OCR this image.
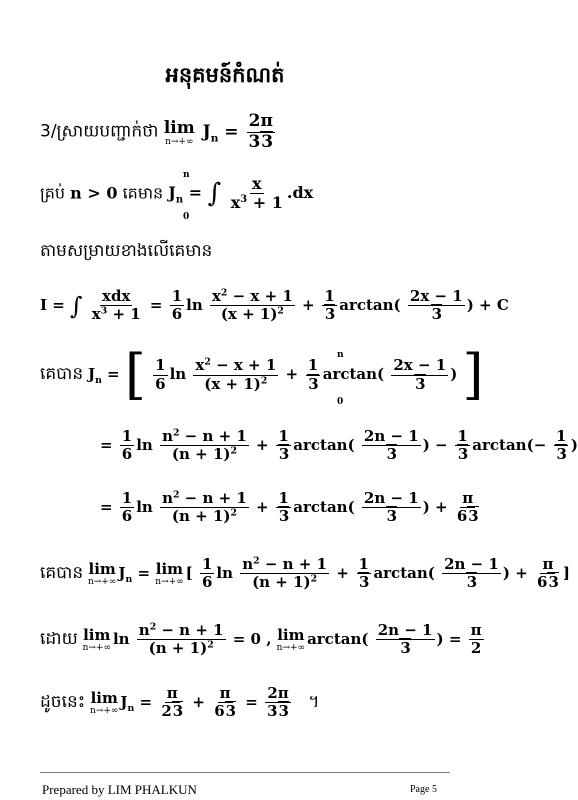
អនុគមន៍កំណត់
3/ស្រាយបញ្ជាក់ថា lim
n→+∞ $J_n = \frac{2\pi}{33}$
គ្រប់ n > 0 គេមាន $J_n$ = ∫ $\frac{x}{x^3 + 1} .dx$
n
0
តាមសម្រាយខាងលើគេមាន
I = ∫ $\frac{\text{xdx}}{x^3 + 1} = \frac{1}{6}$ $\ln \frac{x^2 - x + 1}{(x + 1)^2} + \frac{1}{3} \arctan( \frac{2x - 1}{3}$ ) + C
គេបាន $J_n$ = [ $\frac{1}{6}$ $\ln \frac{x^2 - x + 1}{(x + 1)^2} + \frac{1}{3} \arctan( \frac{2x - 1}{3}$ ) ]
n
0
= $\frac{1}{6}$ $\ln \frac{n^2 - n + 1}{(n + 1)^2} + \frac{1}{3} \arctan( \frac{2n - 1}{3}$ ) − $\frac{1}{3} \arctan(- \frac{1}{3}$ )
= $\frac{1}{6}$ $\ln \frac{n^2 - n + 1}{(n + 1)^2} + \frac{1}{3} \arctan( \frac{2n - 1}{3}$ ) + $\frac{\pi}{63}$
គេបាន lim
n→+∞
$J_n = \lim$
n→+∞
[ $\frac{1}{6}$ $\ln \frac{n^2 - n + 1}{(n + 1)^2} + \frac{1}{3} \arctan( \frac{2n - 1}{3}$ ) + $\frac{\pi}{63}$ ]
ដោយ lim
n→+∞
$\ln \frac{n^2 - n + 1}{(n + 1)^2} = 0$ , lim
n→+∞
$\arctan( \frac{2n - 1}{3}$ ) = $\frac{\pi}{2}$
ដូចនេះ lim
n→+∞
$J_n = \frac{\pi}{23} + \frac{\pi}{63} = \frac{2\pi}{33}$ ។
Prepared by LIM PHALKUN	Page 5
